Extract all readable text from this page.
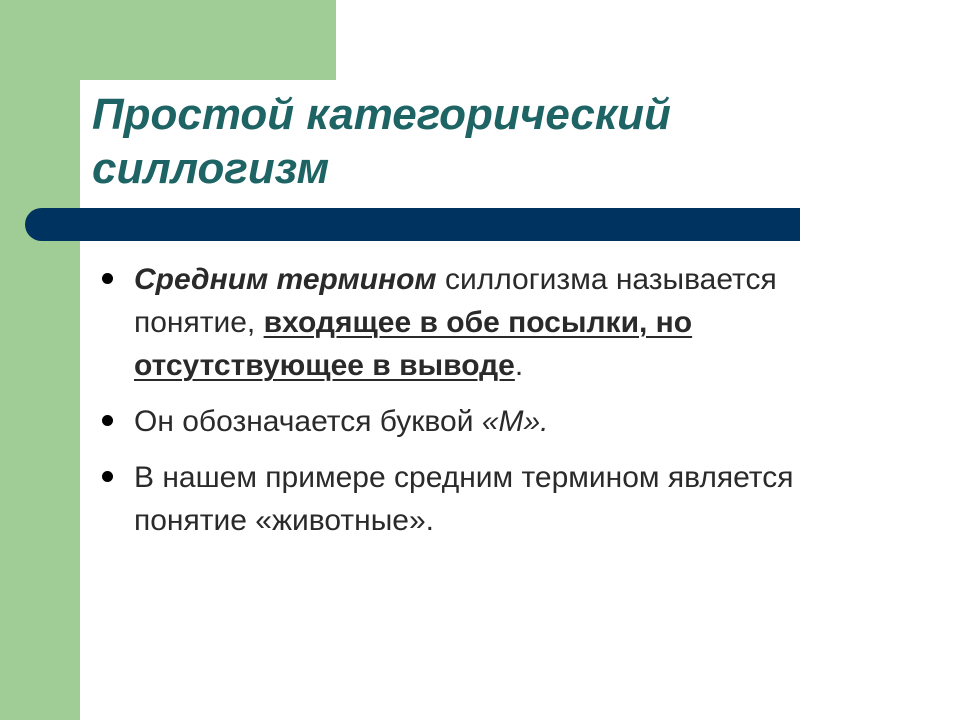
Простой категорический силлогизм
Средним термином силлогизма называется понятие, входящее в обе посылки, но отсутствующее в выводе.
Он обозначается буквой «М».
В нашем примере средним термином является понятие «животные».
